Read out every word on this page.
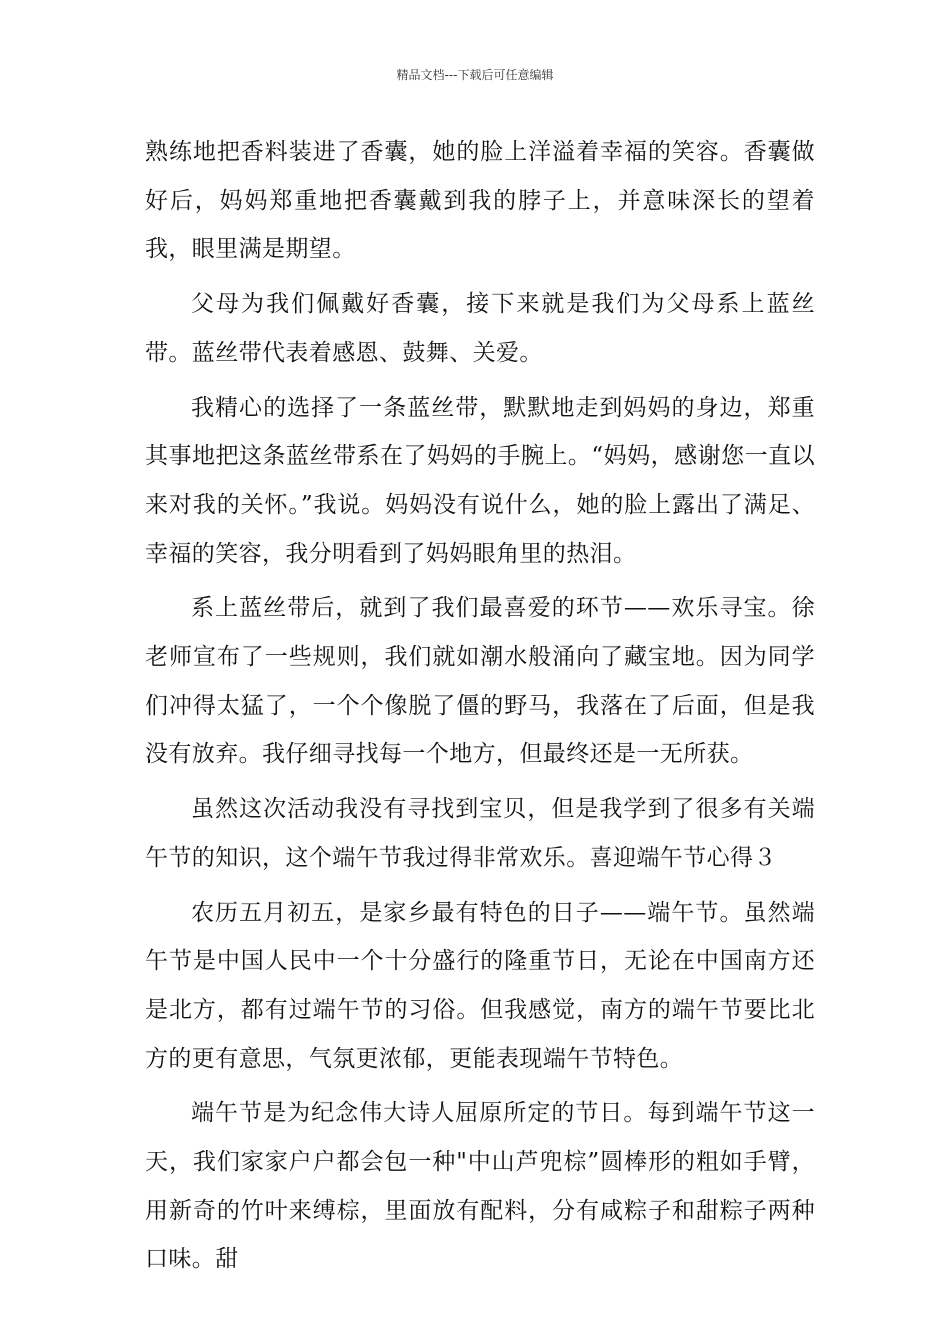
精品文档---下载后可任意编辑

熟练地把香料装进了香囊，她的脸上洋溢着幸福的笑容。香囊做好后，妈妈郑重地把香囊戴到我的脖子上，并意味深长的望着我，眼里满是期望。

父母为我们佩戴好香囊，接下来就是我们为父母系上蓝丝带。蓝丝带代表着感恩、鼓舞、关爱。

我精心的选择了一条蓝丝带，默默地走到妈妈的身边，郑重其事地把这条蓝丝带系在了妈妈的手腕上。“妈妈，感谢您一直以来对我的关怀。”我说。妈妈没有说什么，她的脸上露出了满足、幸福的笑容，我分明看到了妈妈眼角里的热泪。

系上蓝丝带后，就到了我们最喜爱的环节——欢乐寻宝。徐老师宣布了一些规则，我们就如潮水般涌向了藏宝地。因为同学们冲得太猛了，一个个像脱了僵的野马，我落在了后面，但是我没有放弃。我仔细寻找每一个地方，但最终还是一无所获。

虽然这次活动我没有寻找到宝贝，但是我学到了很多有关端午节的知识，这个端午节我过得非常欢乐。喜迎端午节心得３

农历五月初五，是家乡最有特色的日子——端午节。虽然端午节是中国人民中一个十分盛行的隆重节日，无论在中国南方还是北方，都有过端午节的习俗。但我感觉，南方的端午节要比北方的更有意思，气氛更浓郁，更能表现端午节特色。

端午节是为纪念伟大诗人屈原所定的节日。每到端午节这一天，我们家家户户都会包一种"中山芦兜棕”圆棒形的粗如手臂，用新奇的竹叶来缚棕，里面放有配料，分有咸粽子和甜粽子两种口味。甜
